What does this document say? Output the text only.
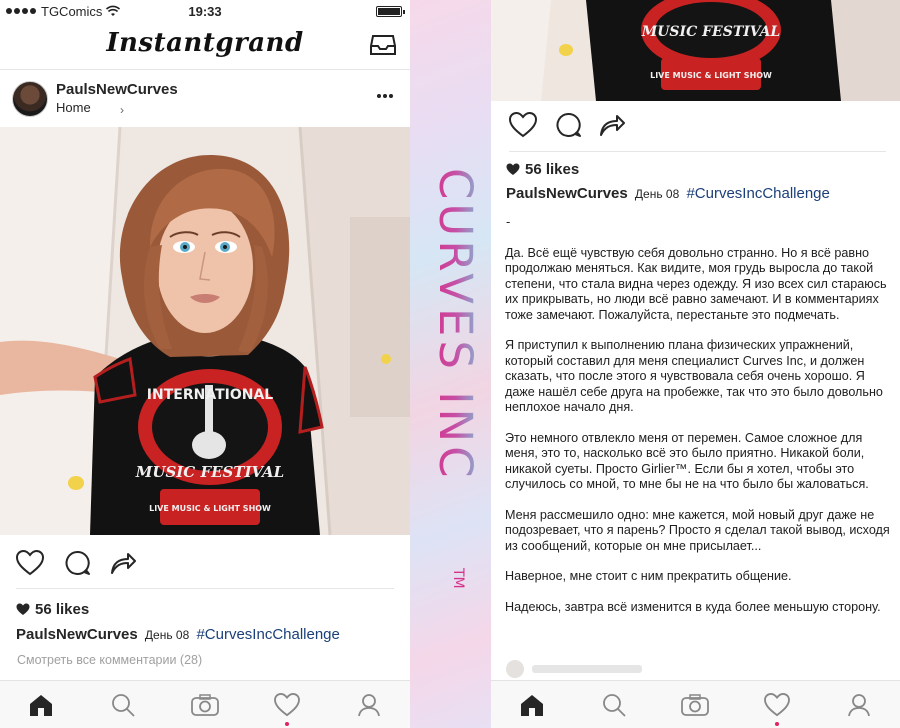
TGComics	19:33
Instantgrand
PaulsNewCurves
Home ›
INTERNATIONAL
MUSIC FESTIVAL
LIVE MUSIC & LIGHT SHOW
56 likes
PaulsNewCurves День 08 #CurvesIncChallenge
Смотреть все комментарии (28)
CURVES INC
TM
MUSIC FESTIVAL
LIVE MUSIC & LIGHT SHOW
56 likes
PaulsNewCurves День 08 #CurvesIncChallenge
-

Да. Всё ещё чувствую себя довольно странно. Но я всё равно продолжаю меняться. Как видите, моя грудь выросла до такой степени, что стала видна через одежду. Я изо всех сил стараюсь их прикрывать, но люди всё равно замечают. И в комментариях тоже замечают. Пожалуйста, перестаньте это подмечать.

Я приступил к выполнению плана физических упражнений, который составил для меня специалист Curves Inc, и должен сказать, что после этого я чувствовала себя очень хорошо. Я даже нашёл себе друга на пробежке, так что это было довольно неплохое начало дня.

Это немного отвлекло меня от перемен. Самое сложное для меня, это то, насколько всё это было приятно. Никакой боли, никакой суеты. Просто Girlier™. Если бы я хотел, чтобы это случилось со мной, то мне бы не на что было бы жаловаться.

Меня рассмешило одно: мне кажется, мой новый друг даже не подозревает, что я парень? Просто я сделал такой вывод, исходя из сообщений, которые он мне присылает...

Наверное, мне стоит с ним прекратить общение.

Надеюсь, завтра всё изменится в куда более меньшую сторону.
